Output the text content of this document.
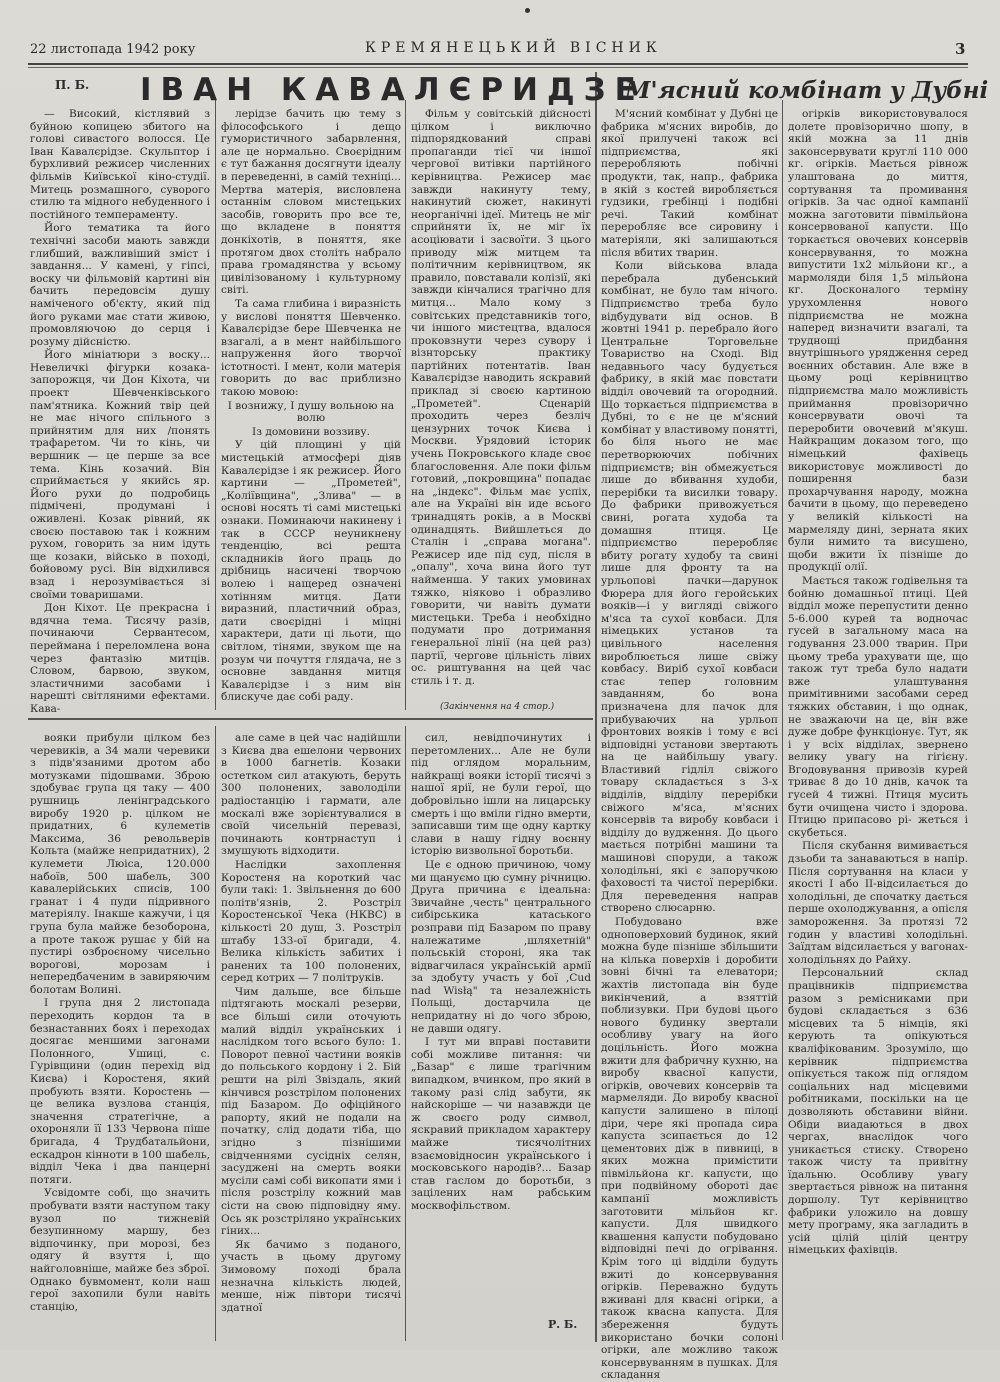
22 листопада 1942 року	КРЕМЯНЕЦЬКИЙ ВІСНИК	3
П. Б. ІВАН КАВАЛЄРИДЗЕ

— Високий, кістлявий з буйною копицею збитого на голові сивастого волосся. Це Іван Кавалєрідзе. Скульптор і бурхливий режисер численних фільмів Київської кіно-студії. Митець розмашного, суворого стилю та мідного небуденного і постійного темпераменту.

Його тематика та його технічні засоби мають завжди глибший, важливіший зміст і завдання... У камені, у гіпсі, воску чи фільмовій картині він бачить передовсім душу наміченого об'єкту, який під його руками має стати живою, промовляючою до серця і розуму дійсністю.

Його мініатюри з воску... Невеличкі фігурки козака-запорожця, чи Дон Кіхота, чи проект Шевченківського пам'ятника. Кожний твір цей не має нічого спільного з прийнятим для них /понять трафаретом. Чи то кінь, чи вершник — це перше за все тема. Кінь козачий. Він сприймається у якийсь яр. Його рухи до подробиць підмічені, продумані і оживлені. Козак рівний, як своєю поставою так і кожним рухом, говорить за ним ідуть ще козаки, військо в поході, бойовому русі. Він відхилився взад і нерозумівається зі своїми товаришами.

Дон Кіхот. Це прекрасна і вдячна тема. Тисячу разів, починаючи Сервантесом, переймана і переломлена вона через фантазію митців. Словом, барвою, звуком, зластичними засобами і нарешті світляними ефектами. Кава-

лерідзе бачить цю тему з філософського і дещо гумористичного забарвлення, але це нормально. Своєрідним є тут бажання досягнути ідеалу в переведенні, в самій техніці... Мертва матерія, висловлена останнім словом мистецьких засобів, говорить про все те, що вкладене в поняття донкіхотів, в поняття, яке протягом двох століть набрало права громадянства у всьому цивілізованому і культурному світі.

Та сама глибина і виразність у вислові поняття Шевченко. Кавалєрідзе бере Шевченка не взагалі, а в мент найбільшого напруження його творчої істотності. І мент, коли матерія говорить до вас приблизно такою мовою:

І вознижу, І душу вольною на волю

Із домовини воззиву.

У цій площині у цій мистецькій атмосфері діяв Кавалєрідзе і як режисер. Його картини — „Прометей", „Коліївщина", „Злива" — в основі носять ті самі мистецькі ознаки. Поминаючи накинену і так в СССР неуникнену тенденцію, всі решта складників його праць до дрібниць насичені творчою волею і нащеред означені хотінням митця. Дати виразний, пластичний образ, дати своєрідні і міцні характери, дати ці льоти, що світлом, тінями, звуком ще на розум чи почуття глядача, не з основне завдання митця Кавалєрідзе і з ним він блискуче дає собі раду.

Фільм у совітській дійсності цілком і виключно підпорядкований справі пропаганди тієї чи іншої чергової витівки партійного керівництва. Режисер має завжди накинуту тему, накинутий сюжет, накинуті неорганічні ідеї. Митець не міг сприйняти їх, не міг їх асоціювати і засвоїти. З цього приводу між митцем та політичним керівництвом, як правило, повставали колізії, які завжди кінчалися трагічно для митця... Мало кому з совітських представників того, чи іншого мистецтва, вдалося проковзнути через сувору і візнторську практику партійних потентатів. Іван Кавалєрідзе наводить яскравий приклад зі своєю картиною „Прометей". Сценарій проходить через безліч цензурних точок Києва і Москви. Урядовий історик учень Покровського кладе своє благословення. Але поки фільм готовий, „покровщина" попадає на „індекс". Фільм має успіх, але на Україні він иде всього тринадцять років, а в Москві одинадцять. Вийшлеться до Сталін і „справа могана". Режисер иде під суд, після в „опалу", хоча вина його тут найменша. У таких умовинах тяжко, ніяково і образливо говорити, чи навіть думати мистецьки. Треба і необхідно подумати про дотримання генеральної лінії (на цей раз) партії, чергове цільність лівих ос. риштування на цей час стиль і т. д.

(Закінчення на 4 стор.)
М'ясний комбінат у Дубні

М'ясний комбінат у Дубні це фабрика м'ясних виробів, до якої прилучені також всі підприємства, які переробляють побічні продукти, так, напр., фабрика в якій з костей виробляється гудзики, гребінці і подібні речі. Такий комбінат переробляє все сировину і матеріяли, які залишаються після вбитих тварин.

Коли військова влада перебрала дубенський комбінат, не було там нічого. Підприємство треба було відбудувати від основ. В жовтні 1941 р. перебрало його Центральне Торговельне Товариство на Сході. Від недавнього часу будується фабрику, в якій має повстати відділ овочевий та огородний. Що торкається підприємства в Дубні, то є не це м'ясний комбінат у властивому понятті, бо біля нього не має перетворюючих побічних підприємств; він обмежується лише до вбивання худоби, перерібки та висилки товару. До фабрики привожується свині, рогата худоба та домашня птиця. Це підприємство переробляє вбиту рогату худобу та свині лише для фронту та на урльопові пачки—дарунок Фюрера для його геройських вояків—і у вигляді свіжого м'яса та сухої ковбаси. Для німецьких установ та цивільного населення вироблюється лише свіжу ковбасу. Виріб сухої ковбаси стає тепер головним завданням, бо вона призначена для пачок для прибуваючих на урльоп фронтових вояків і тому є всі відповідні установи звертають на це найбільшу увагу. Властивий гідліл свіжого товару складається з 3-х відділів, відділу перерібки свіжого м'яса, м'ясних консервів та виробу ковбаси і відділу до вудження. До цього мається потрібні машини та машинові споруди, а також холодільні, які є запоручкою фаховості та чистої перерібки. Для переведення направ створено слюсарню.

Побудовано вже одноповерховий будинок, який можна буде пізніше збільшити на кілька поверхів і доробити зовні бічні та елеватори; жахтів листопада він буде викінчений, а взяттій поблизувки. При будові цього нового будинку звертали особливу увагу на його доцільність. Його можна вжити для фабричну кухню, на виробу квасної капусти, огірків, овочевих консервів та мармеляди. До виробу квасної капусти залишено в пілоці діри, чере які пропада сира капуста зсипається до 12 цементових діж в пивниці, в яких можна примістити півмільйона кг. капусти, що при подвійному обороті дає кампанії можливість заготовити мільйон кг. капусти. Для швидкого квашення капусти побудовано відповідні печі до огрівання. Крім того ці відділи будуть вжиті до консервування огірків. Переважно будуть вживані для квасні огірки, а також квасна капуста. Для збереження будуть використано бочки солоні огірки, але можливо також консервуванням в пушках. Для складання

огірків використовувалося долете провізорично шопу, в якій можна за 11 днів законсервувати круглі 110 000 кг. огірків. Мається рівнож улаштована до миття, сортування та промивання огірків. За час одної кампанії можна заготовити півмільйона консервованої капусти. Що торкається овочевих консервів консервування, то можна випустити 1х2 мільйони кг., а мармоляди біля 1,5 мільйона кг. Досконалого терміну урухомлення нового підприємства не можна наперед визначити взагалі, та труднощі придбання внутрішнього урядження серед воєнних обставин. Але вже в цьому році керівництво підприємства мало можливість приймання провізорично консервувати овочі та переробити овочевий м'якуш. Найкращим доказом того, що німецький фахівець використовує можливості до поширення бази прохарчування народу, можна бачити в цьому, що переведено у великій кількості на мармеляду дині, зерната яких були нимито та висушено, щоби вжити їх пізніше до продукції олії.

Мається також годівельня та бойню домашньої птиці. Цей відділ може перепустити денно 5-6.000 курей та водночас гусей в загальному маса на годування 23.000 тварин. При цьому треба урахувати ще, що також тут треба було надати вже улаштування примітивними засобами серед тяжких обставин, і що однак, не зважаючи на це, він вже дуже добре функціонує. Тут, як і у всіх відділах, звернено велику увагу на гігієну. Вгодовування привозів курей триває 8 до 10 днів, качок та гусей 4 тижні. Птиця мусить бути очищена чисто і здорова. Птицю припасово рі- жеться і скубеться.

Після скубання вимивається дзьоби та занаваються в напір. Після сортування на класи у якості I або II-відсилається до холодільні, де спочатку дається перше охолоджування, а опісля замороження. За протязі 72 годин у властиві холодільні. Заїдтам відсилається у вагонах-холодільнях до Райху.

Персональний склад працівників підприємства разом з ремісниками при будові складається з 636 місцевих та 5 німців, які керують та опікуються кваліфікованим. Зрозуміло, що керівник підприємства опікується також під оглядом соціальних над місцевими робітниками, поскільки на це дозволяють обставини війни. Обіди виадаються в двох чергах, внаслідок чого уникається стиску. Створено також чисту та привітну їдальню. Особливу увагу звертається рівнож на питання доршолу. Тут керівництво фабрики уложило на довшу мету програму, яка загладить в усій цілій цілій центру німецьких фахівців.

вояки прибули цілком без черевиків, а 34 мали черевики з підв'язаними дротом або мотузками підошвами. Зброю здобуває група ця таку — 400 рушниць ленінградського виробу 1920 р. цілком не придатних, 6 кулеметів Максима, 36 револьверів Кольта (майже непридатних), 2 кулемети Люіса, 120.000 набоїв, 500 шабель, 300 кавалерійських списів, 100 гранат і 4 пуди підривного матеріялу. Інакше кажучи, і ця група була майже безоборона, а проте також рушає у бій на пустирі озброєному чисельно ворогові, морозам і непередбаченим в завиряючим болотам Волині.

І група дня 2 листопада переходить кордон та в безнастанних боях і переходах досягає меншими загонами Полонного, Ушиці, с. Гурівщини (один перехід від Києва) і Коростеня, який пробують взяти. Коростень — це велика вузлова станція, значення стратегічне, а охороняли її 133 Червона піше бригада, 4 Трудбатальйони, ескадрон кінноти в 100 шабель, відділ Чека і два панцерні потяги.

Усвідомте собі, що значить пробувати взяти наступом таку вузол по тижневій безупинному маршу, без відпочинку, при морозі, без одягу й взуття і, що найголовніше, майже без зброї. Однако бувмомент, коли наш герої захопили були навіть станцію,

але саме в цей час надійшли з Києва два ешелони червоних в 1000 багнетів. Козаки остетком сил атакують, беруть 300 полонених, заволоділи радіостанцію і гармати, але москалі вже зорієнтувалися в своїй чисельній перевазі, починають контрнаступ і змушують відходити.

Наслідки захоплення Коростеня на короткий час були такі: 1. Звільнення до 600 політв'язнів, 2. Розстріл Коростенської Чека (НКВС) в кількості 20 душ, 3. Розстріл штабу 133-ої бригади, 4. Велика кількість забитих і ранених та 100 полонених, серед котрих — 7 політруків.

Чим дальше, все більше підтягають москалі резерви, все більші сили оточують малий відділ українських і наслідком того всього було: 1. Поворот певної частини вояків до польського кордону і 2. Бій решти на рілі Звіздаль, який кінчився розстрілом полонених під Базаром. До офіційного рапорту, який не подали на початку, слід додати тіба, що згідно з пізнішими свідченнями сусідніх селян, засуджені на смерть вояки мусіли самі собі викопати ями і після розстрілу кожний мав сісти на свою підповідну яму. Ось як розстріляно українських гіних...

Як бачимо з поданого, участь в цьому другому Зимовому поході брала незначна кількість людей, менше, ніж півтори тисячі здатної

сил, невідпочинутих і перетомлених... Але не були під оглядом моральним, найкращі вояки історії тисячі з нашої ярії, не були герої, що добровільно ішли на лицарську смерть і що вміли гідно вмерти, записавши тим ще одну картку слави в нашу гідну воєнну історію визвольної боротьби.

Це є одною причиною, чому ми щануємо цю сумну річницю. Друга причина є ідеальна: Звичайне ,честь" центрального сибірськика катаського розправи під Базаром по праву належатиме ,шляхетній" польській стороні, яка так відвагчилася українській армії за здобуту участь у бої ,Cud nad Wisłą" та незалежність Польщі, достарчила це непридатну ні до чого зброю, не давши одягу.

І тут ми вправі поставити собі можливе питання: чи „Базар" є лише трагічним випадком, вчинком, про який в такому разі слід забути, як найскоріше — чи назавжди це ж своєго роду символ, яскравий прикладом характеру майже тисячолітних взаємовідносин українського і московського народів?... Базар став гаслом до боротьби, з зацілених нам рабським москвофільством.

Р. Б.
